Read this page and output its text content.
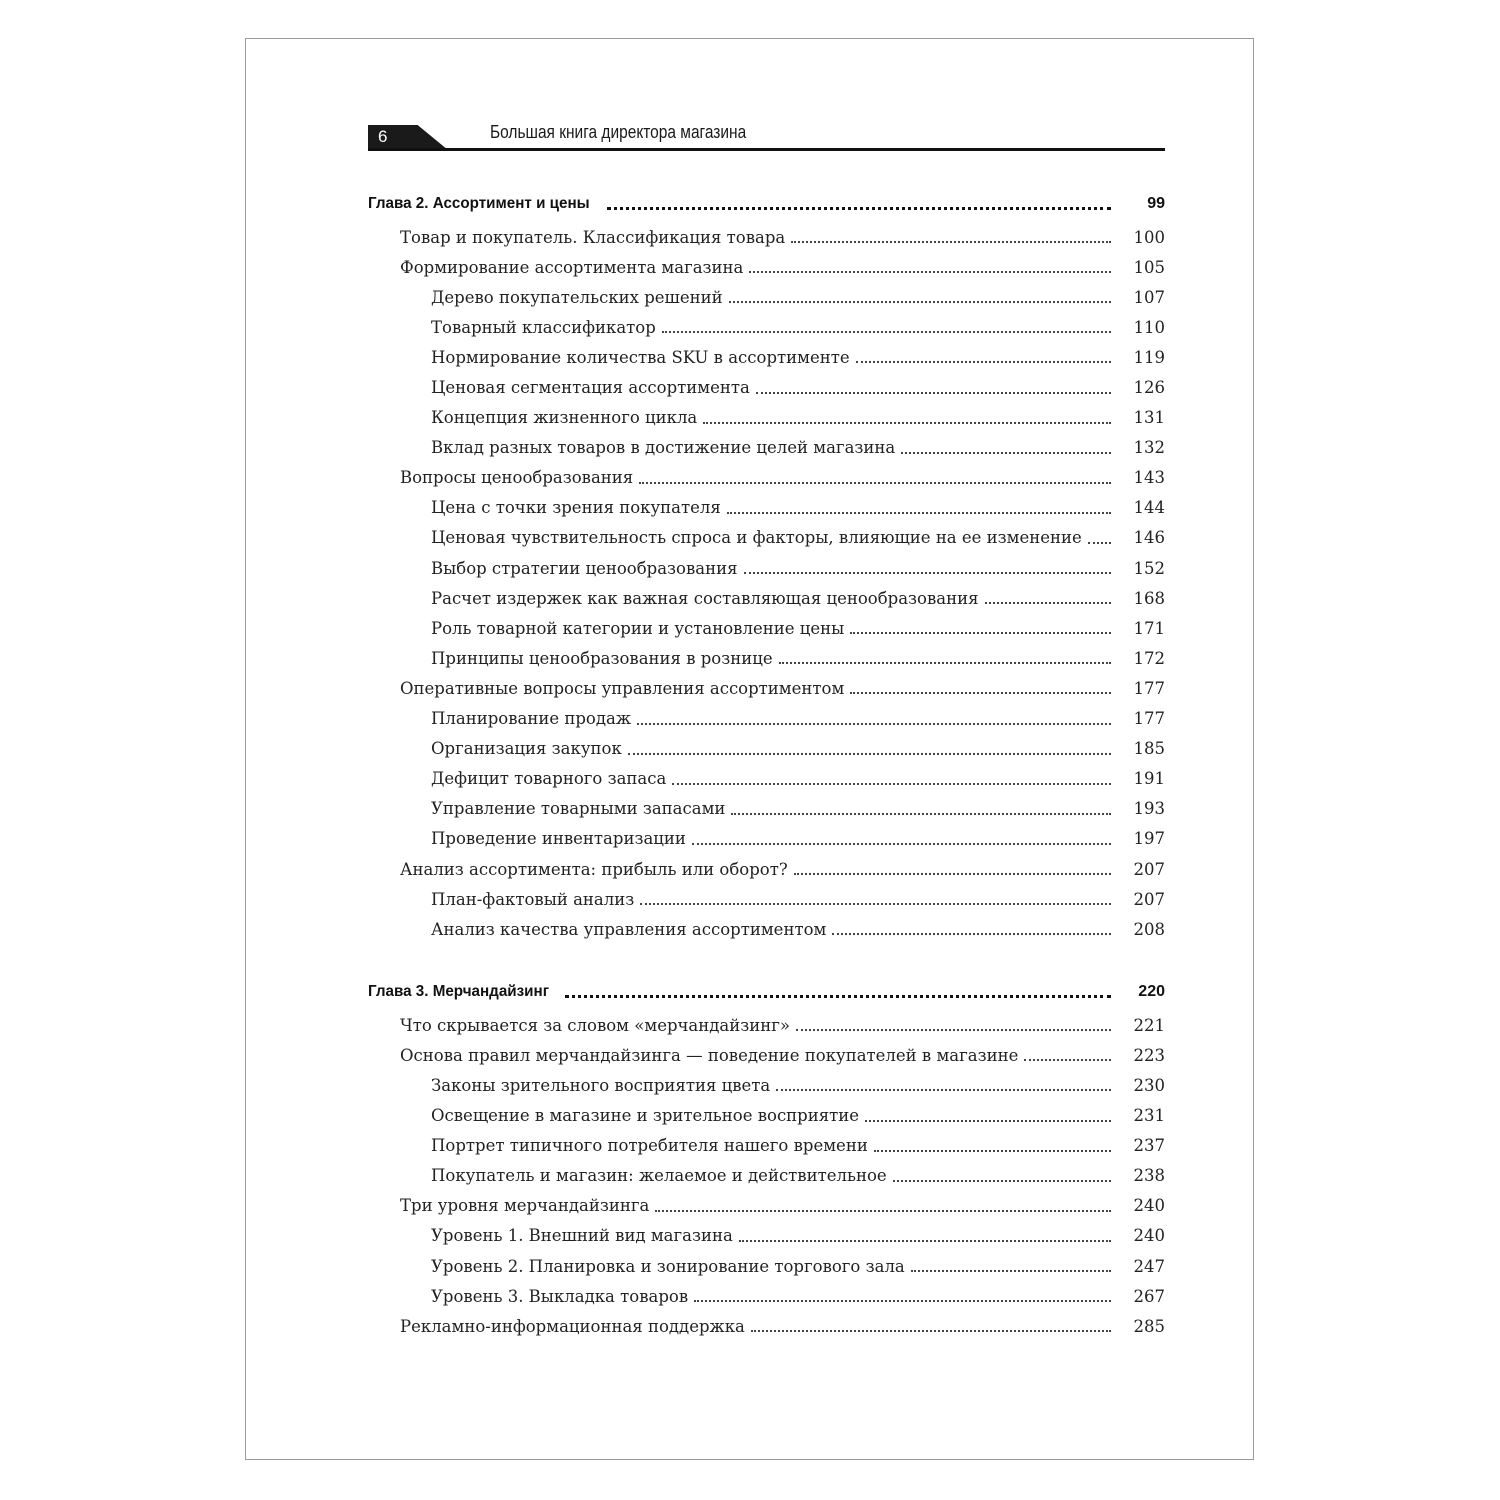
6	Большая книга директора магазина
Глава 2. Ассортимент и цены	99
Товар и покупатель. Классификация товара	100
Формирование ассортимента магазина	105
Дерево покупательских решений	107
Товарный классификатор	110
Нормирование количества SKU в ассортименте	119
Ценовая сегментация ассортимента	126
Концепция жизненного цикла	131
Вклад разных товаров в достижение целей магазина	132
Вопросы ценообразования	143
Цена с точки зрения покупателя	144
Ценовая чувствительность спроса и факторы, влияющие на ее изменение	146
Выбор стратегии ценообразования	152
Расчет издержек как важная составляющая ценообразования	168
Роль товарной категории и установление цены	171
Принципы ценообразования в рознице	172
Оперативные вопросы управления ассортиментом	177
Планирование продаж	177
Организация закупок	185
Дефицит товарного запаса	191
Управление товарными запасами	193
Проведение инвентаризации	197
Анализ ассортимента: прибыль или оборот?	207
План-фактовый анализ	207
Анализ качества управления ассортиментом	208
Глава 3. Мерчандайзинг	220
Что скрывается за словом «мерчандайзинг»	221
Основа правил мерчандайзинга — поведение покупателей в магазине	223
Законы зрительного восприятия цвета	230
Освещение в магазине и зрительное восприятие	231
Портрет типичного потребителя нашего времени	237
Покупатель и магазин: желаемое и действительное	238
Три уровня мерчандайзинга	240
Уровень 1. Внешний вид магазина	240
Уровень 2. Планировка и зонирование торгового зала	247
Уровень 3. Выкладка товаров	267
Рекламно-информационная поддержка	285
